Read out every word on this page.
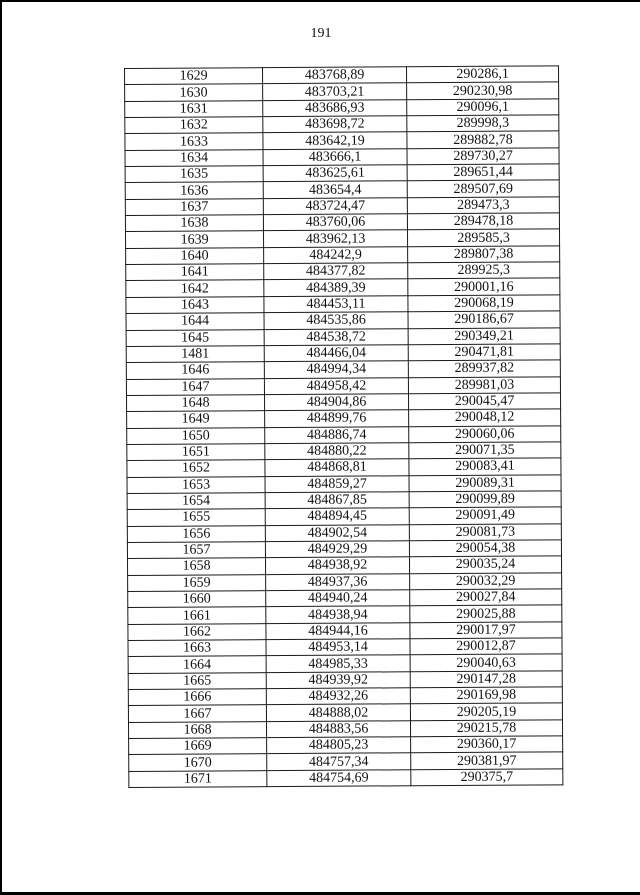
191
1629	483768,89	290286,1
1630	483703,21	290230,98
1631	483686,93	290096,1
1632	483698,72	289998,3
1633	483642,19	289882,78
1634	483666,1	289730,27
1635	483625,61	289651,44
1636	483654,4	289507,69
1637	483724,47	289473,3
1638	483760,06	289478,18
1639	483962,13	289585,3
1640	484242,9	289807,38
1641	484377,82	289925,3
1642	484389,39	290001,16
1643	484453,11	290068,19
1644	484535,86	290186,67
1645	484538,72	290349,21
1481	484466,04	290471,81
1646	484994,34	289937,82
1647	484958,42	289981,03
1648	484904,86	290045,47
1649	484899,76	290048,12
1650	484886,74	290060,06
1651	484880,22	290071,35
1652	484868,81	290083,41
1653	484859,27	290089,31
1654	484867,85	290099,89
1655	484894,45	290091,49
1656	484902,54	290081,73
1657	484929,29	290054,38
1658	484938,92	290035,24
1659	484937,36	290032,29
1660	484940,24	290027,84
1661	484938,94	290025,88
1662	484944,16	290017,97
1663	484953,14	290012,87
1664	484985,33	290040,63
1665	484939,92	290147,28
1666	484932,26	290169,98
1667	484888,02	290205,19
1668	484883,56	290215,78
1669	484805,23	290360,17
1670	484757,34	290381,97
1671	484754,69	290375,7
